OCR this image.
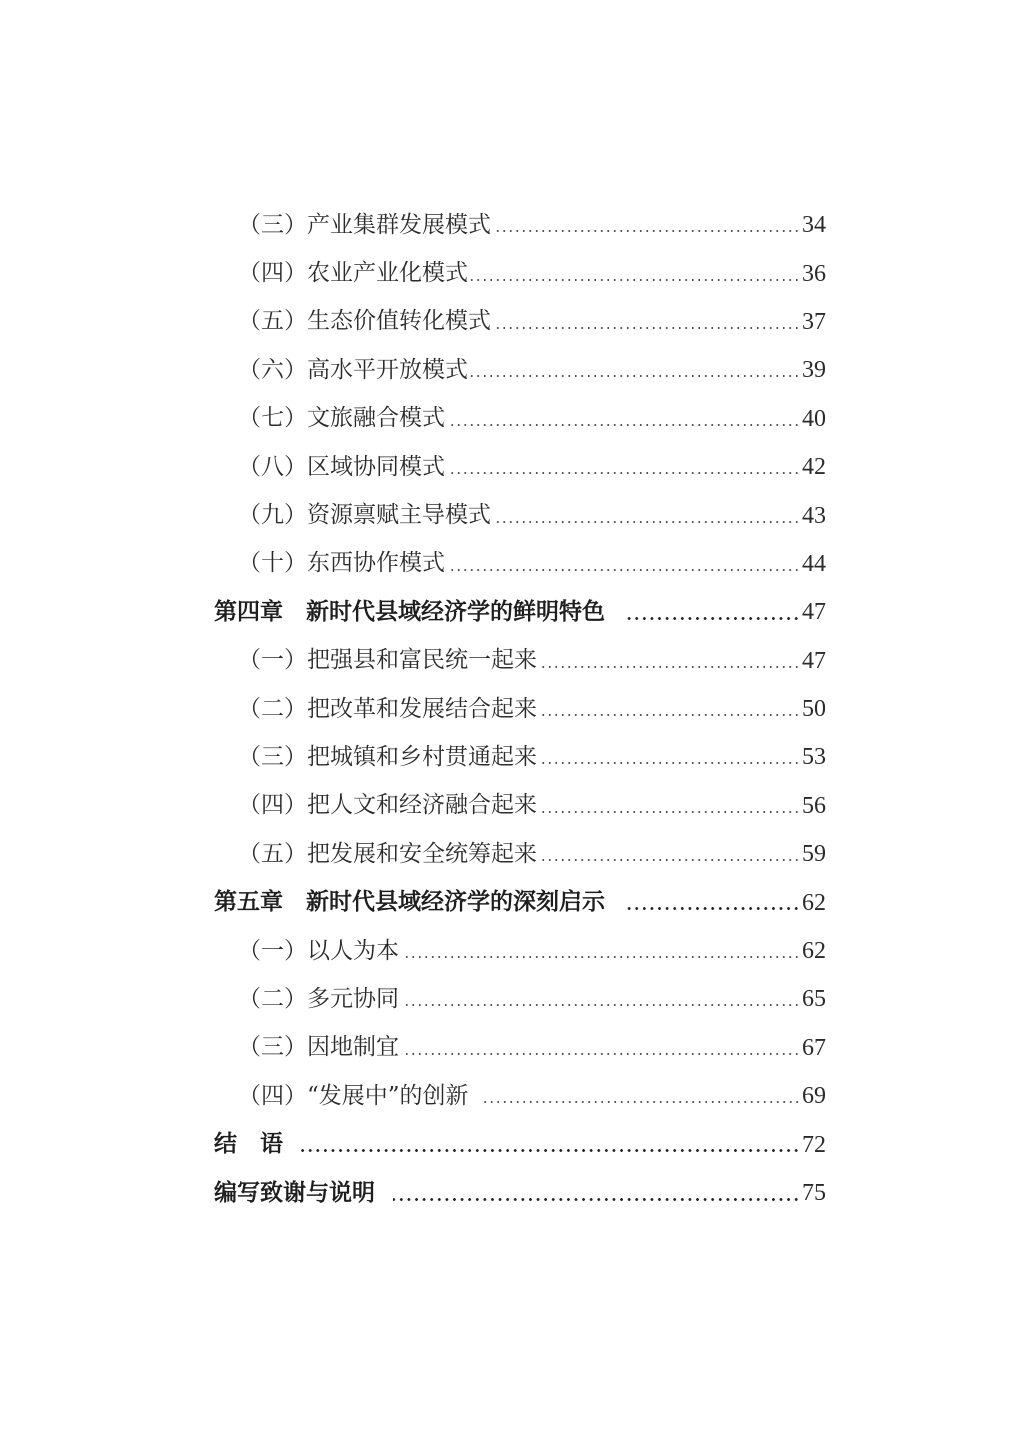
（三）产业集群发展模式	34
（四）农业产业化模式	36
（五）生态价值转化模式	37
（六）高水平开放模式	39
（七）文旅融合模式	40
（八）区域协同模式	42
（九）资源禀赋主导模式	43
（十）东西协作模式	44
第四章　新时代县域经济学的鲜明特色	47
（一）把强县和富民统一起来	47
（二）把改革和发展结合起来	50
（三）把城镇和乡村贯通起来	53
（四）把人文和经济融合起来	56
（五）把发展和安全统筹起来	59
第五章　新时代县域经济学的深刻启示	62
（一）以人为本	62
（二）多元协同	65
（三）因地制宜	67
（四）“发展中”的创新	69
结　语	72
编写致谢与说明	75
